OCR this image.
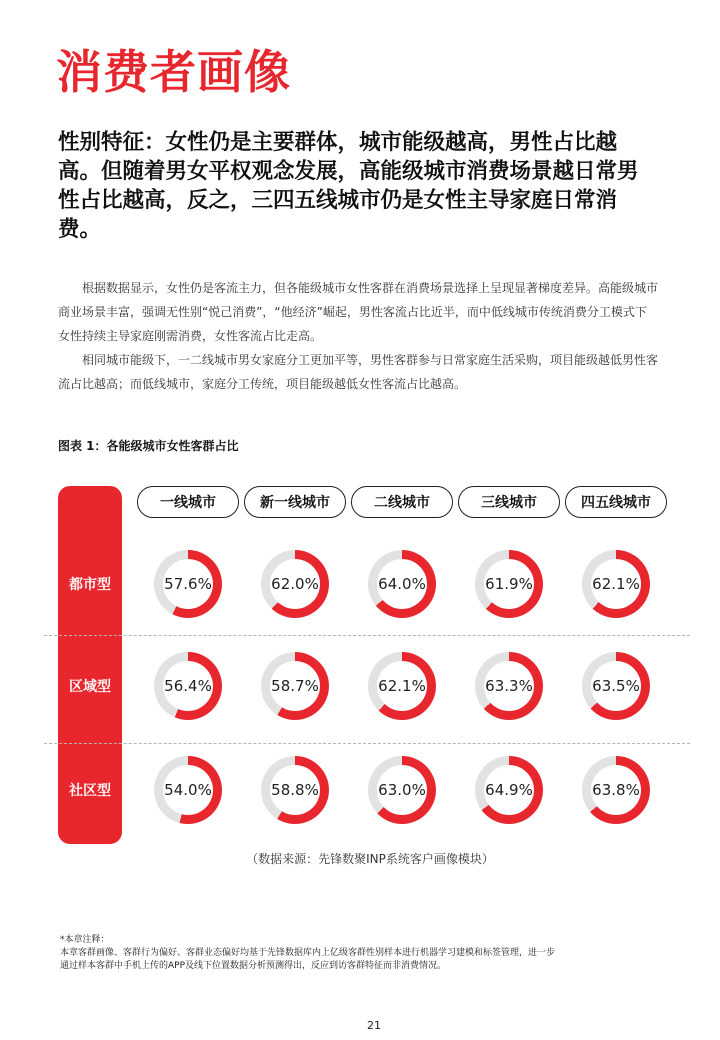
消费者画像

性别特征：女性仍是主要群体，城市能级越高，男性占比越高。但随着男女平权观念发展，高能级城市消费场景越日常男性占比越高，反之，三四五线城市仍是女性主导家庭日常消费。

根据数据显示，女性仍是客流主力，但各能级城市女性客群在消费场景选择上呈现显著梯度差异。高能级城市商业场景丰富，强调无性别“悦己消费”，“他经济”崛起，男性客流占比近半，而中低线城市传统消费分工模式下女性持续主导家庭刚需消费，女性客流占比走高。

相同城市能级下，一二线城市男女家庭分工更加平等，男性客群参与日常家庭生活采购，项目能级越低男性客流占比越高；而低线城市，家庭分工传统，项目能级越低女性客流占比越高。

图表 1：各能级城市女性客群占比

一线城市	新一线城市	二线城市	三线城市	四五线城市
都市型	57.6%	62.0%	64.0%	61.9%	62.1%
区域型	56.4%	58.7%	62.1%	63.3%	63.5%
社区型	54.0%	58.8%	63.0%	64.9%	63.8%
（数据来源：先锋数聚INP系统客户画像模块）
*本章注释：
本章客群画像、客群行为偏好、客群业态偏好均基于先锋数据库内上亿级客群性别样本进行机器学习建模和标签管理，进一步
通过样本客群中手机上传的APP及线下位置数据分析预测得出，反应到访客群特征而非消费情况。
21
